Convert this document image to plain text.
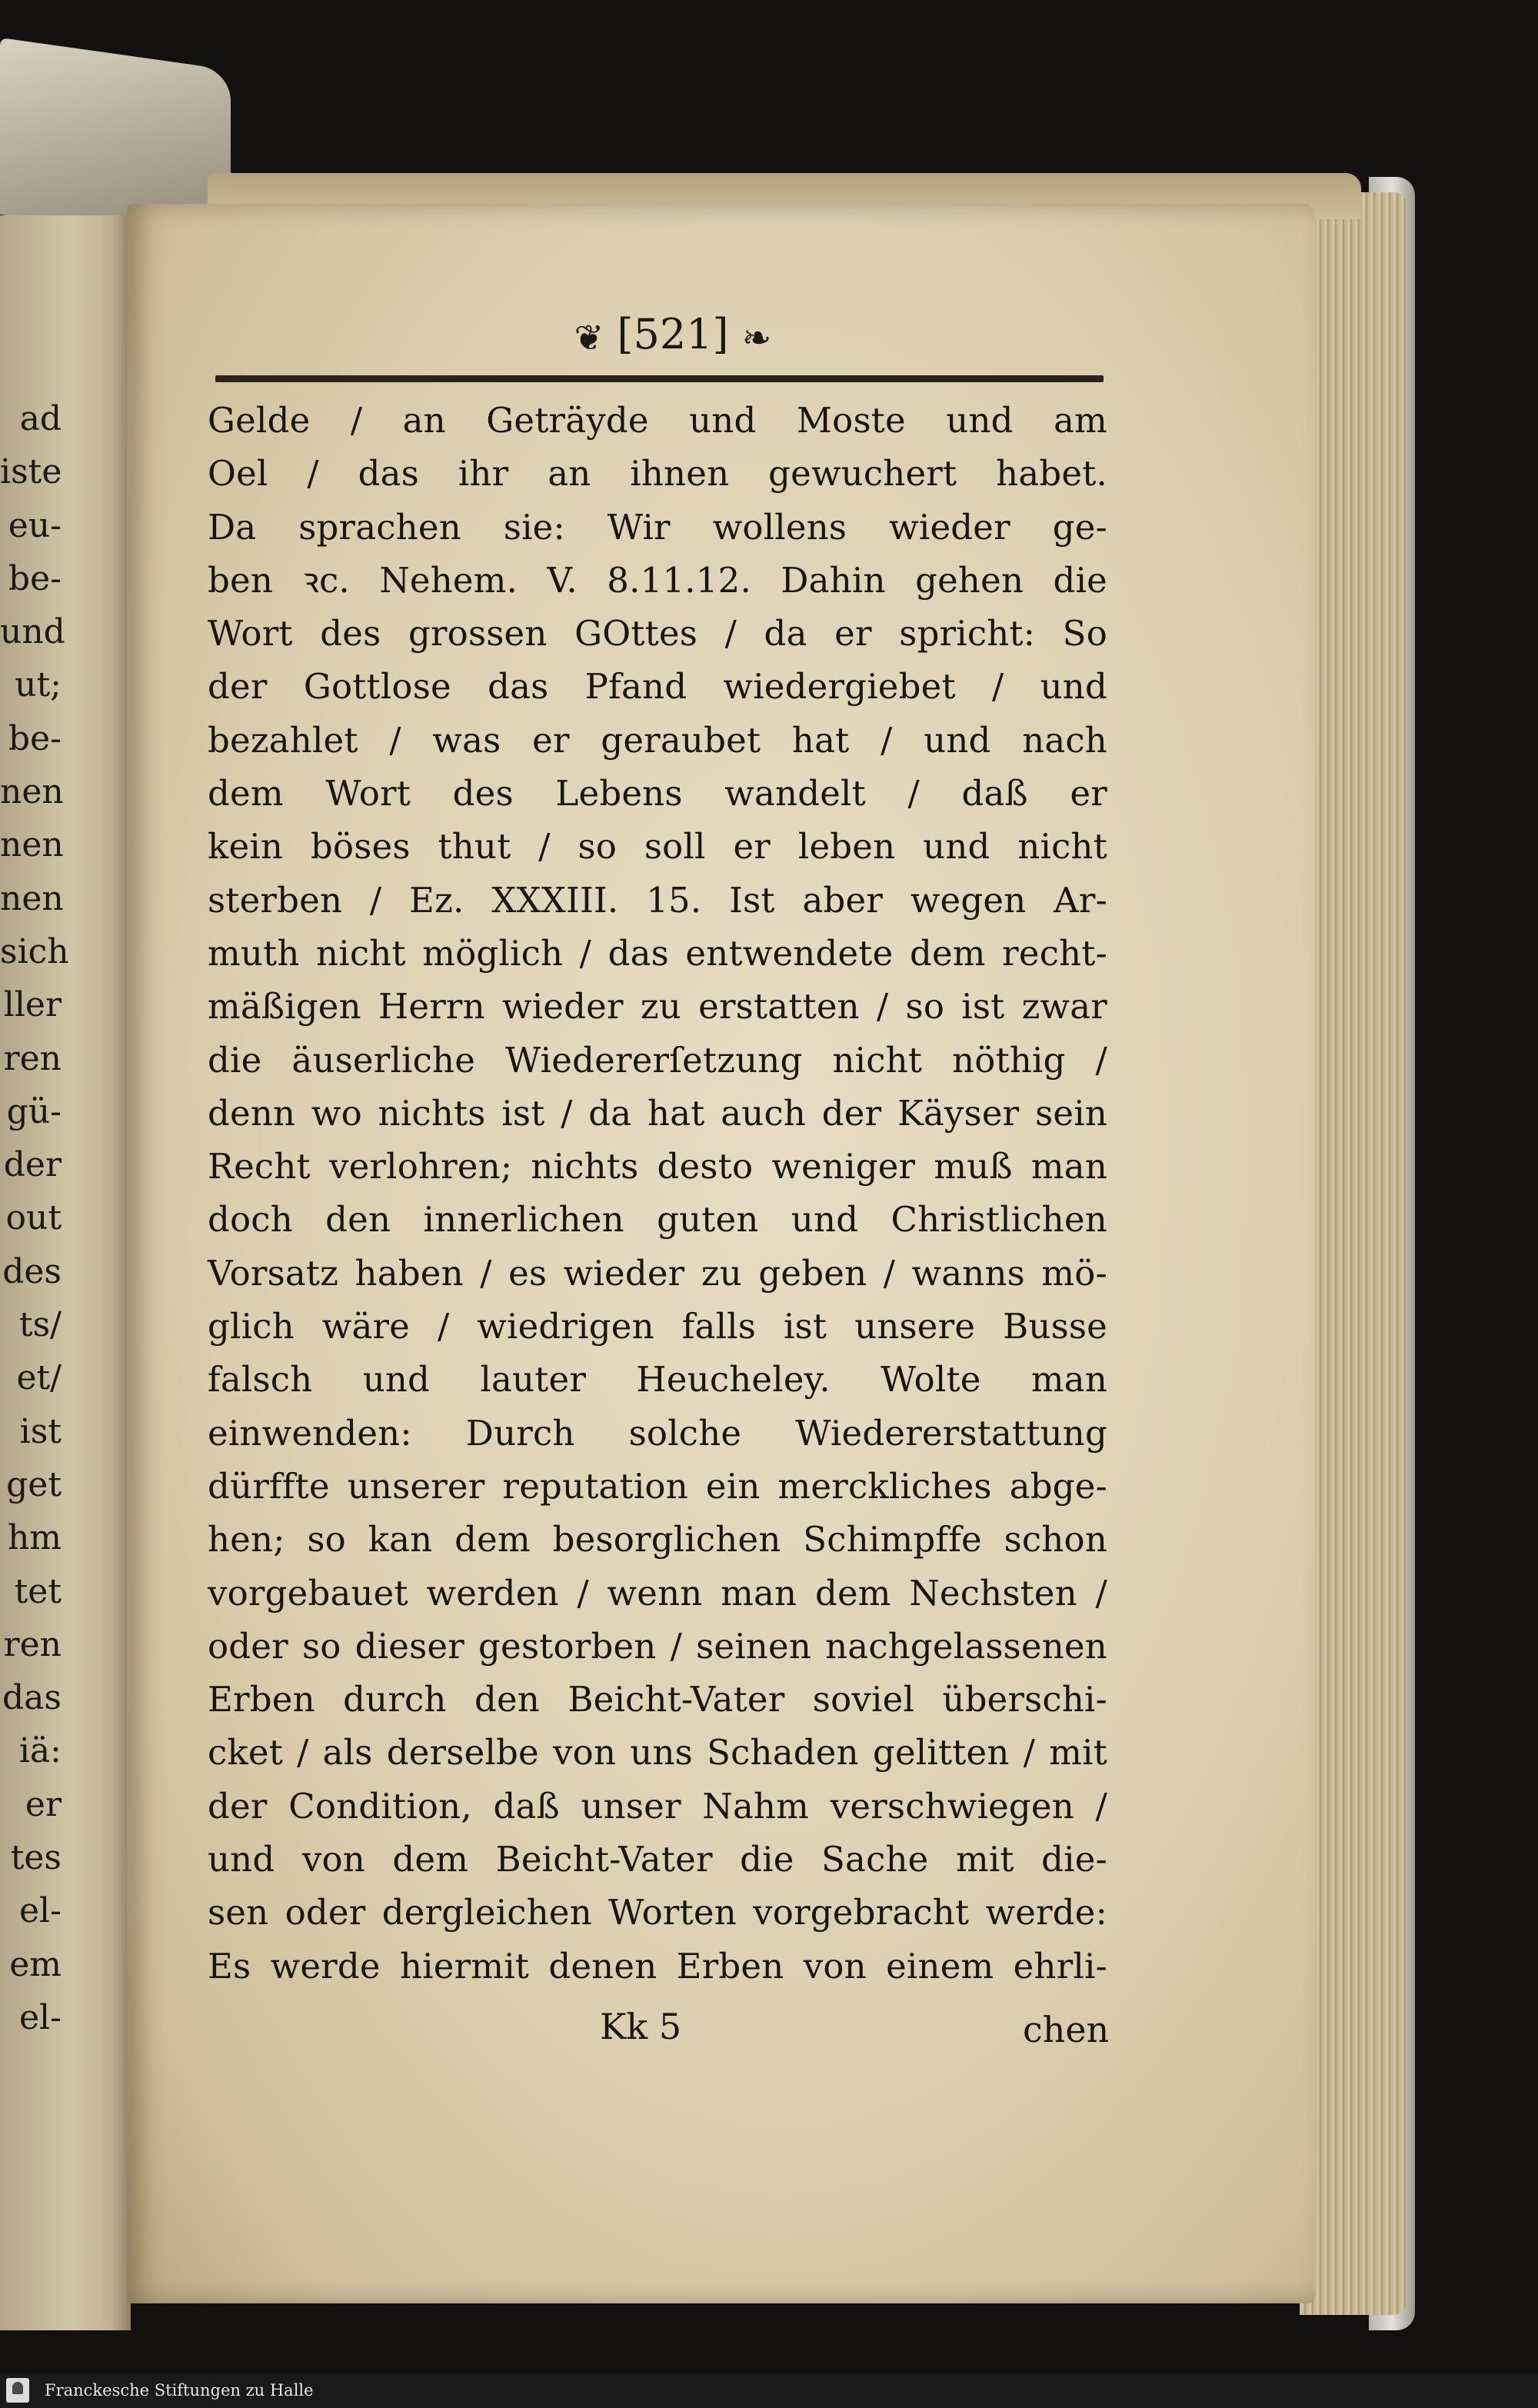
ad
iste
eu-
be-
und
ut;
be-
nen
nen
nen
sich
ller
ren
gü-
der
out
des
ts/
et/
ist
get
hm
tet
ren
das
iä:
er
tes
el-
em
el-
❦ [521] ❧
Gelde / an Geträyde und Moste und am
Oel / das ihr an ihnen gewuchert habet.
Da sprachen sie: Wir wollens wieder ge-
ben ꝛc. Nehem. V. 8.11.12. Dahin gehen die
Wort des grossen GOttes / da er spricht: So
der Gottlose das Pfand wiedergiebet / und
bezahlet / was er geraubet hat / und nach
dem Wort des Lebens wandelt / daß er
kein böses thut / so soll er leben und nicht
sterben / Ez. XXXIII. 15. Ist aber wegen Ar-
muth nicht möglich / das entwendete dem recht-
mäßigen Herrn wieder zu erstatten / so ist zwar
die äuserliche Wiedererſetzung nicht nöthig /
denn wo nichts ist / da hat auch der Käyser sein
Recht verlohren; nichts desto weniger muß man
doch den innerlichen guten und Christlichen
Vorsatz haben / es wieder zu geben / wanns mö-
glich wäre / wiedrigen falls ist unsere Busse
falsch und lauter Heucheley. Wolte man
einwenden: Durch solche Wiedererstattung
dürffte unserer reputation ein merckliches abge-
hen; so kan dem besorglichen Schimpffe schon
vorgebauet werden / wenn man dem Nechsten /
oder so dieser gestorben / seinen nachgelassenen
Erben durch den Beicht-Vater soviel überschi-
cket / als derselbe von uns Schaden gelitten / mit
der Condition, daß unser Nahm verschwiegen /
und von dem Beicht-Vater die Sache mit die-
sen oder dergleichen Worten vorgebracht werde:
Es werde hiermit denen Erben von einem ehrli-
Kk 5	chen
Franckesche Stiftungen zu Halle
